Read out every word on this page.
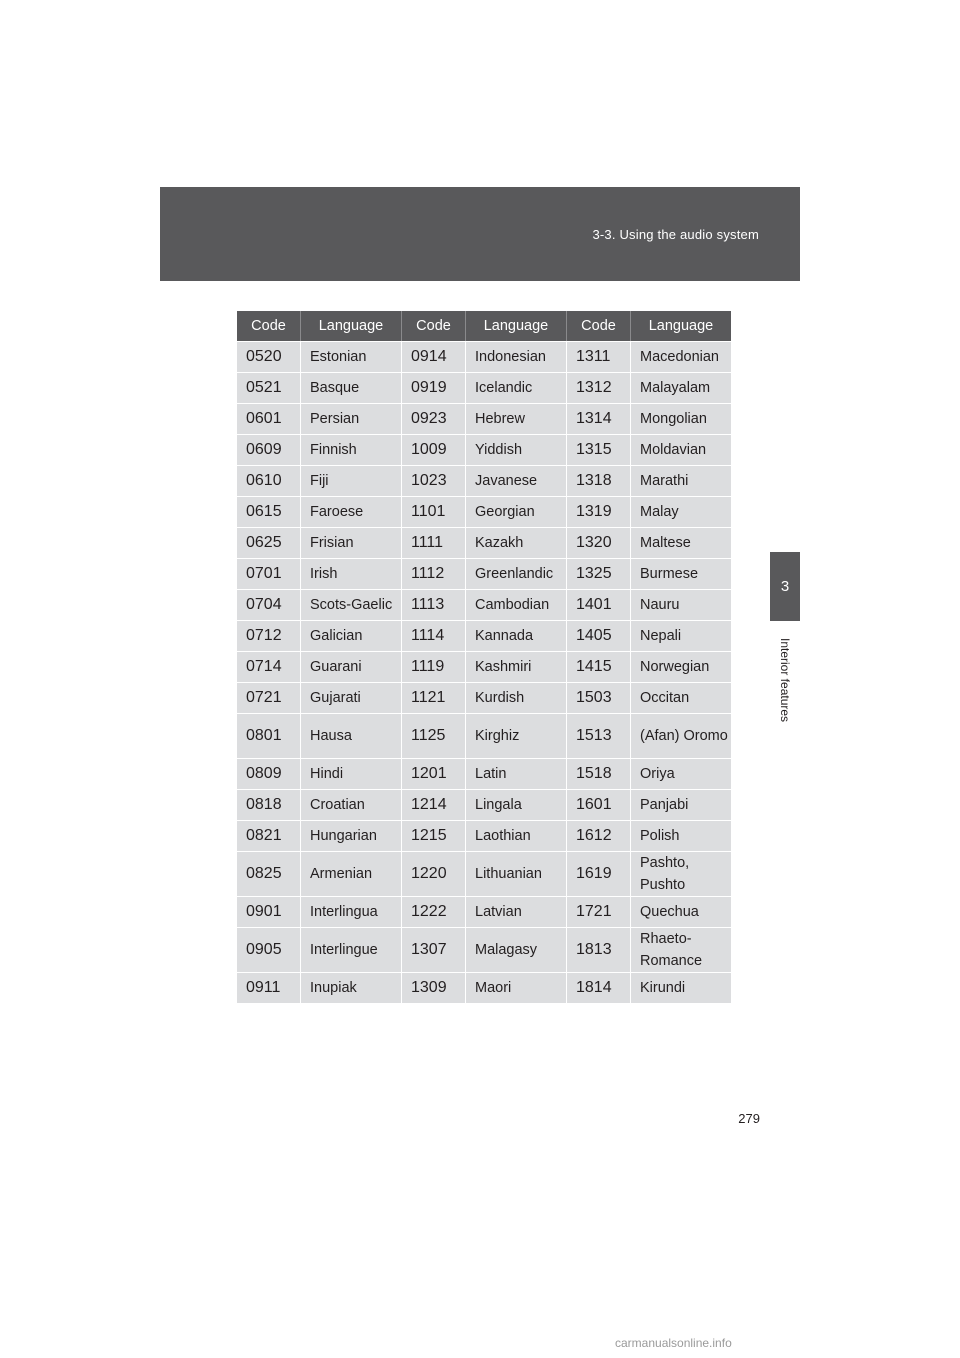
3-3. Using the audio system
3
Interior features
Code	Language	Code	Language	Code	Language
0520	Estonian	0914	Indonesian	1311	Macedonian
0521	Basque	0919	Icelandic	1312	Malayalam
0601	Persian	0923	Hebrew	1314	Mongolian
0609	Finnish	1009	Yiddish	1315	Moldavian
0610	Fiji	1023	Javanese	1318	Marathi
0615	Faroese	1101	Georgian	1319	Malay
0625	Frisian	1111	Kazakh	1320	Maltese
0701	Irish	1112	Greenlandic	1325	Burmese
0704	Scots-Gaelic	1113	Cambodian	1401	Nauru
0712	Galician	1114	Kannada	1405	Nepali
0714	Guarani	1119	Kashmiri	1415	Norwegian
0721	Gujarati	1121	Kurdish	1503	Occitan
0801	Hausa	1125	Kirghiz	1513	(Afan) Oromo
0809	Hindi	1201	Latin	1518	Oriya
0818	Croatian	1214	Lingala	1601	Panjabi
0821	Hungarian	1215	Laothian	1612	Polish
0825	Armenian	1220	Lithuanian	1619	Pashto, Pushto
0901	Interlingua	1222	Latvian	1721	Quechua
0905	Interlingue	1307	Malagasy	1813	Rhaeto- Romance
0911	Inupiak	1309	Maori	1814	Kirundi
279
carmanualsonline.info
